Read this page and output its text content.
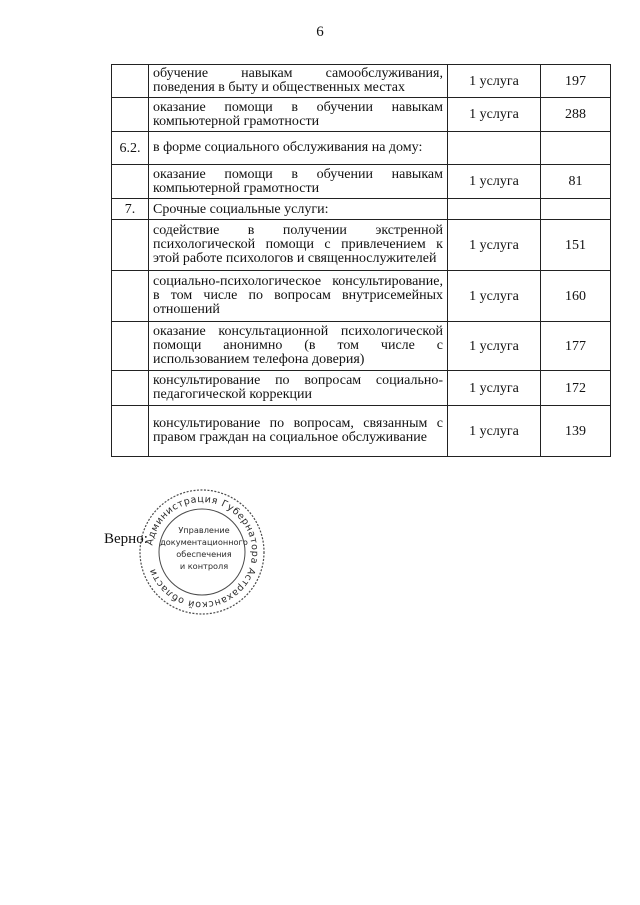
6
	обучение навыкам самообслуживания, поведения в быту и общественных местах	1 услуга	197
	оказание помощи в обучении навыкам компьютерной грамотности	1 услуга	288
6.2.	в форме социального обслуживания на дому:		
	оказание помощи в обучении навыкам компьютерной грамотности	1 услуга	81
7.	Срочные социальные услуги:		
	содействие в получении экстренной психологической помощи с привлечением к этой работе психологов и священнослужителей	1 услуга	151
	социально-психологическое консультирование, в том числе по вопросам внутрисемейных отношений	1 услуга	160
	оказание консультационной психологической помощи анонимно (в том числе с использованием телефона доверия)	1 услуга	177
	консультирование по вопросам социально-педагогической коррекции	1 услуга	172
	консультирование по вопросам, связанным с правом граждан на социальное обслуживание	1 услуга	139
Верно:
Администрация Губернатора Астраханской области
Управление
документационного
обеспечения
и контроля
